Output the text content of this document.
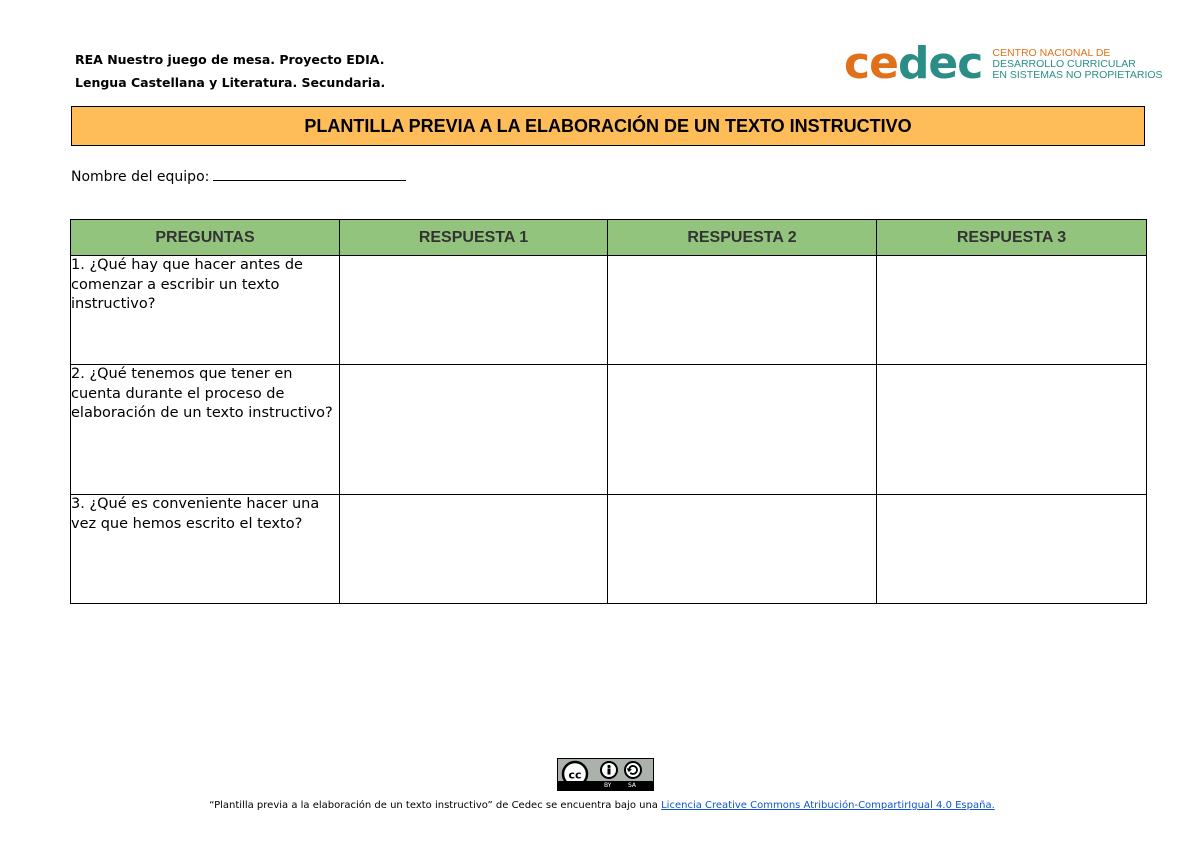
REA Nuestro juego de mesa. Proyecto EDIA.
Lengua Castellana y Literatura. Secundaria.	cedec CENTRO NACIONAL DE
DESARROLLO CURRICULAR
EN SISTEMAS NO PROPIETARIOS
PLANTILLA PREVIA A LA ELABORACIÓN DE UN TEXTO INSTRUCTIVO
Nombre del equipo:
PREGUNTAS	RESPUESTA 1	RESPUESTA 2	RESPUESTA 3
1. ¿Qué hay que hacer antes de comenzar a escribir un texto instructivo?			
2. ¿Qué tenemos que tener en cuenta durante el proceso de elaboración de un texto instructivo?			
3. ¿Qué es conveniente hacer una vez que hemos escrito el texto?			
cc
BY	SA
“Plantilla previa a la elaboración de un texto instructivo” de Cedec se encuentra bajo una Licencia Creative Commons Atribución-CompartirIgual 4.0 España.
